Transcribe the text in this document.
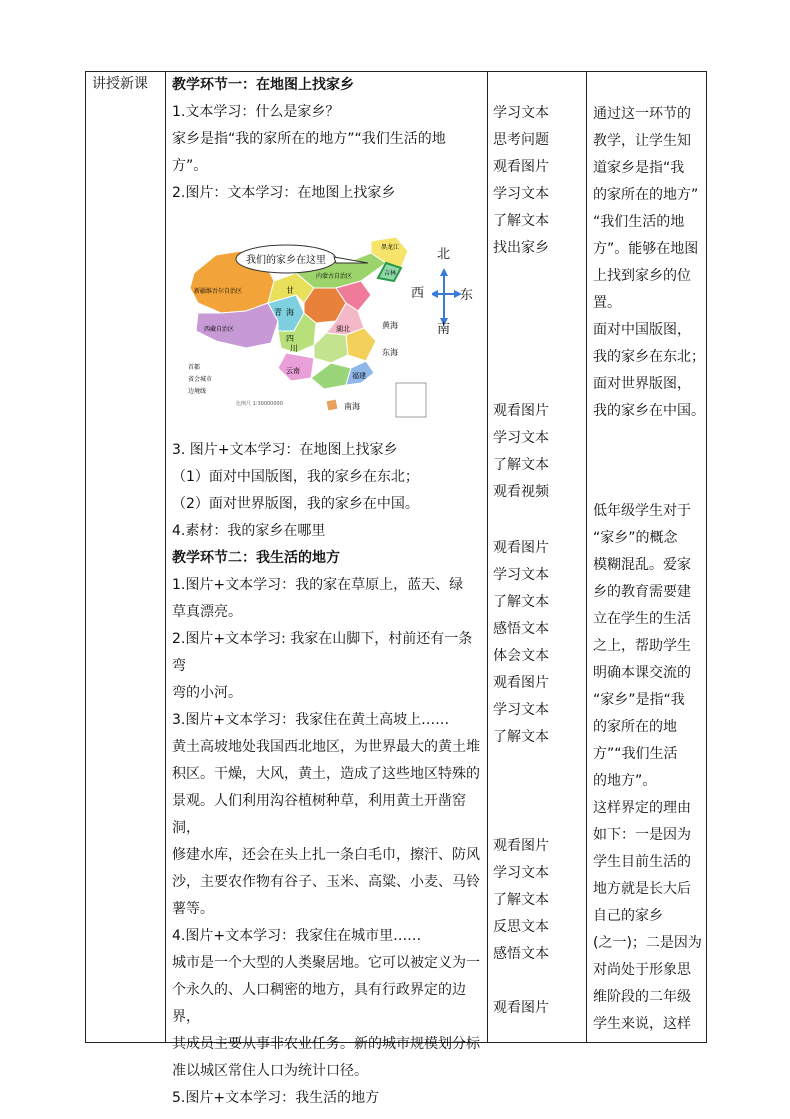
讲授新课 教学环节一：在地图上找家乡

1.文本学习：什么是家乡？

家乡是指“我的家所在的地方”“我们生活的地

方”。

2.图片：文本学习：在地图上找家乡

我们的家乡在这里
新疆维吾尔自治区
西藏自治区
内蒙古自治区
黑龙江
吉林
青 海
甘
四
川
湖北
东海
黄海
南海
云南
福建
首都
省会城市
边境线
比例尺 1:30000000
北
西	东
南

3. 图片+文本学习：在地图上找家乡

（1）面对中国版图，我的家乡在东北；

（2）面对世界版图，我的家乡在中国。

4.素材：我的家乡在哪里

教学环节二：我生活的地方

1.图片+文本学习：我的家在草原上，蓝天、绿

草真漂亮。

2.图片+文本学习: 我家在山脚下，村前还有一条弯

弯的小河。

3.图片+文本学习：我家住在黄土高坡上……

黄土高坡地处我国西北地区，为世界最大的黄土堆

积区。干燥，大风，黄土，造成了这些地区特殊的

景观。人们利用沟谷植树种草，利用黄土开凿窑洞，

修建水库，还会在头上扎一条白毛巾，擦汗、防风

沙，主要农作物有谷子、玉米、高粱、小麦、马铃

薯等。

4.图片+文本学习：我家住在城市里……

城市是一个大型的人类聚居地。它可以被定义为一

个永久的、人口稠密的地方，具有行政界定的边界，

其成员主要从事非农业任务。新的城市规模划分标

准以城区常住人口为统计口径。

5.图片+文本学习：我生活的地方

学习文本

思考问题

观看图片

学习文本

了解文本

找出家乡

观看图片

学习文本

了解文本

观看视频

观看图片

学习文本

了解文本

感悟文本

体会文本

观看图片

学习文本

了解文本

观看图片

学习文本

了解文本

反思文本

感悟文本

观看图片

通过这一环节的

教学，让学生知

道家乡是指“我

的家所在的地方”

“我们生活的地

方”。能够在地图

上找到家乡的位

置。

面对中国版图，

我的家乡在东北；

面对世界版图，

我的家乡在中国。

低年级学生对于

“家乡”的概念

模糊混乱。爱家

乡的教育需要建

立在学生的生活

之上，帮助学生

明确本课交流的

“家乡”是指“我

的家所在的地

方”“我们生活

的地方”。

这样界定的理由

如下：一是因为

学生目前生活的

地方就是长大后

自己的家乡

(之一)；二是因为

对尚处于形象思

维阶段的二年级

学生来说，这样
